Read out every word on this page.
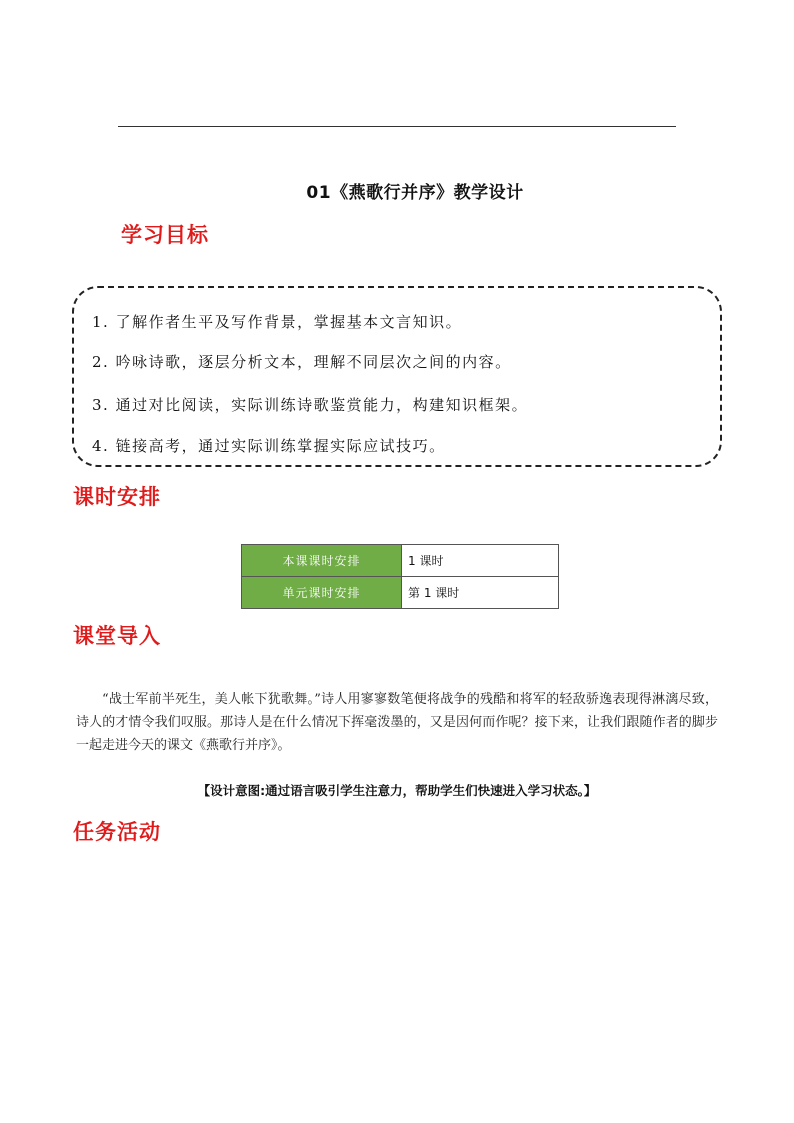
01《燕歌行并序》教学设计
学习目标
1. 了解作者生平及写作背景，掌握基本文言知识。
2. 吟咏诗歌，逐层分析文本，理解不同层次之间的内容。
3. 通过对比阅读，实际训练诗歌鉴赏能力，构建知识框架。
4. 链接高考，通过实际训练掌握实际应试技巧。
课时安排
本课课时安排	1 课时
单元课时安排	第 1 课时
课堂导入
“战士军前半死生，美人帐下犹歌舞。”诗人用寥寥数笔便将战争的残酷和将军的轻敌骄逸表现得淋漓尽致，诗人的才情令我们叹服。那诗人是在什么情况下挥毫泼墨的，又是因何而作呢？接下来，让我们跟随作者的脚步一起走进今天的课文《燕歌行并序》。
【设计意图:通过语言吸引学生注意力，帮助学生们快速进入学习状态。】
任务活动
